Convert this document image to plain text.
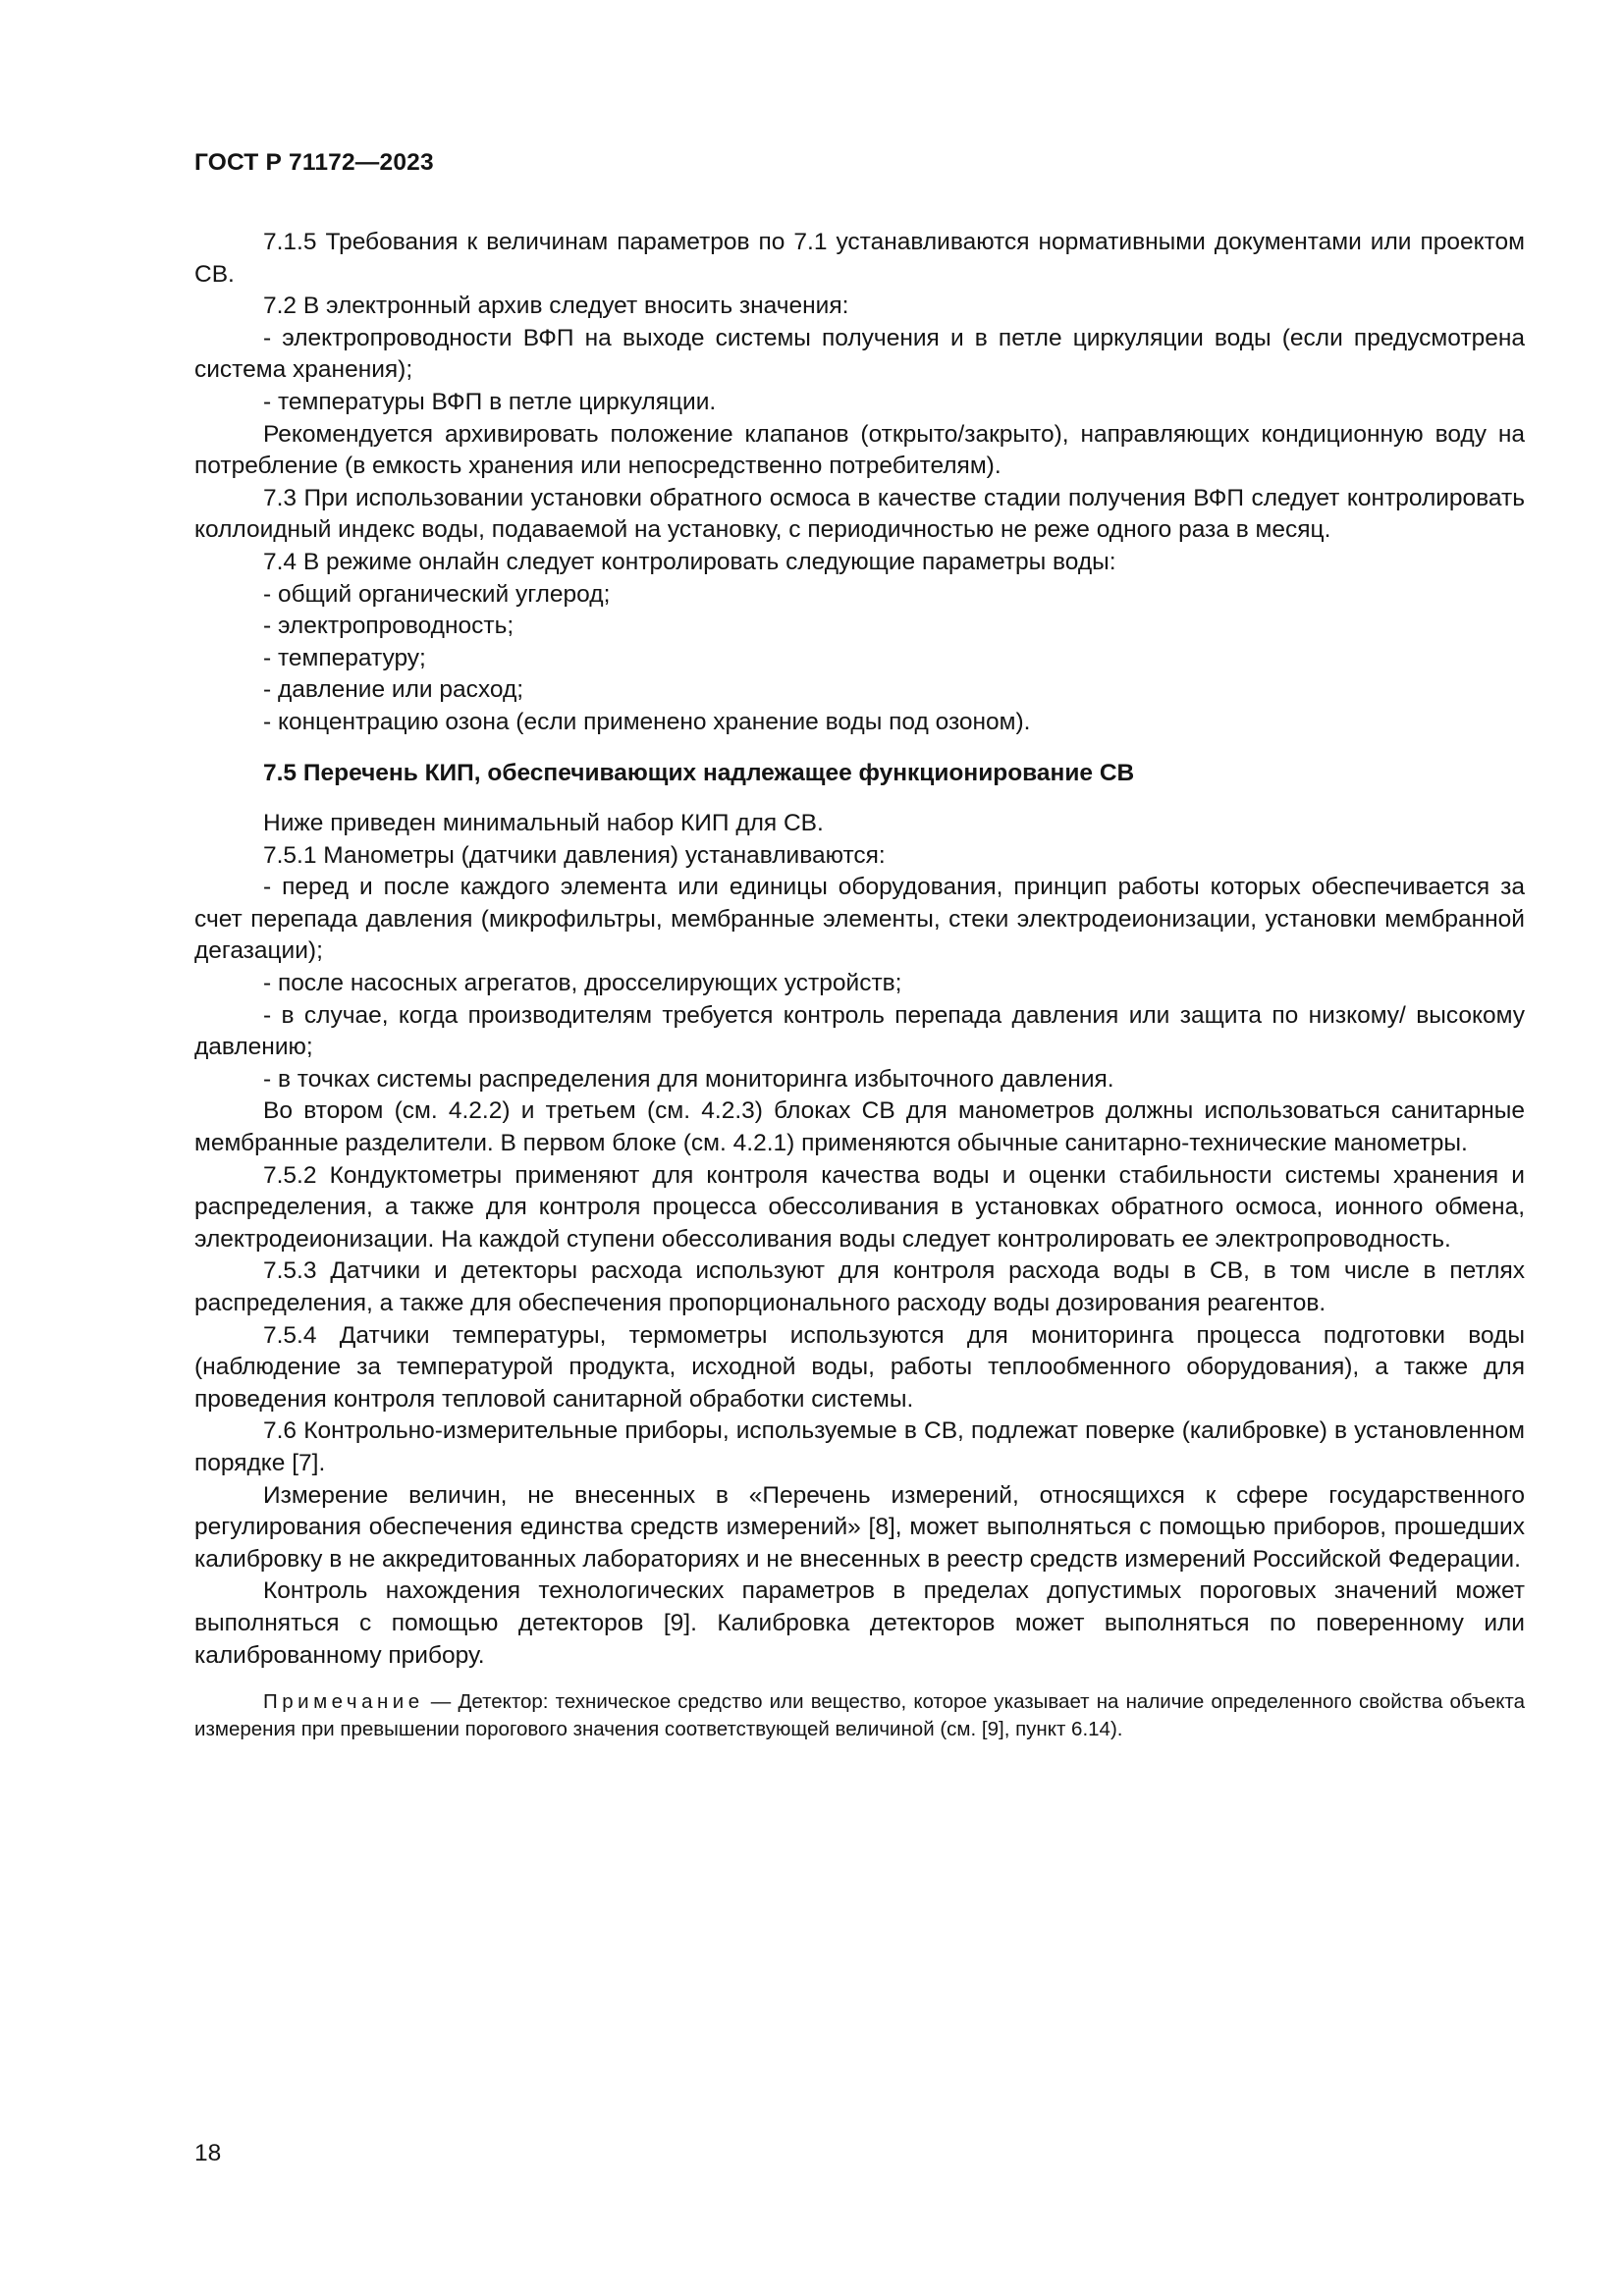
ГОСТ Р 71172—2023

7.1.5 Требования к величинам параметров по 7.1 устанавливаются нормативными документами или проектом СВ.

7.2 В электронный архив следует вносить значения:

- электропроводности ВФП на выходе системы получения и в петле циркуляции воды (если предусмотрена система хранения);

- температуры ВФП в петле циркуляции.

Рекомендуется архивировать положение клапанов (открыто/закрыто), направляющих кондиционную воду на потребление (в емкость хранения или непосредственно потребителям).

7.3 При использовании установки обратного осмоса в качестве стадии получения ВФП следует контролировать коллоидный индекс воды, подаваемой на установку, с периодичностью не реже одного раза в месяц.

7.4 В режиме онлайн следует контролировать следующие параметры воды:

- общий органический углерод;

- электропроводность;

- температуру;

- давление или расход;

- концентрацию озона (если применено хранение воды под озоном).

7.5 Перечень КИП, обеспечивающих надлежащее функционирование СВ

Ниже приведен минимальный набор КИП для СВ.

7.5.1 Манометры (датчики давления) устанавливаются:

- перед и после каждого элемента или единицы оборудования, принцип работы которых обеспечивается за счет перепада давления (микрофильтры, мембранные элементы, стеки электродеионизации, установки мембранной дегазации);

- после насосных агрегатов, дросселирующих устройств;

- в случае, когда производителям требуется контроль перепада давления или защита по низкому/ высокому давлению;

- в точках системы распределения для мониторинга избыточного давления.

Во втором (см. 4.2.2) и третьем (см. 4.2.3) блоках СВ для манометров должны использоваться санитарные мембранные разделители. В первом блоке (см. 4.2.1) применяются обычные санитарно-технические манометры.

7.5.2 Кондуктометры применяют для контроля качества воды и оценки стабильности системы хранения и распределения, а также для контроля процесса обессоливания в установках обратного осмоса, ионного обмена, электродеионизации. На каждой ступени обессоливания воды следует контролировать ее электропроводность.

7.5.3 Датчики и детекторы расхода используют для контроля расхода воды в СВ, в том числе в петлях распределения, а также для обеспечения пропорционального расходу воды дозирования реагентов.

7.5.4 Датчики температуры, термометры используются для мониторинга процесса подготовки воды (наблюдение за температурой продукта, исходной воды, работы теплообменного оборудования), а также для проведения контроля тепловой санитарной обработки системы.

7.6 Контрольно-измерительные приборы, используемые в СВ, подлежат поверке (калибровке) в установленном порядке [7].

Измерение величин, не внесенных в «Перечень измерений, относящихся к сфере государственного регулирования обеспечения единства средств измерений» [8], может выполняться с помощью приборов, прошедших калибровку в не аккредитованных лабораториях и не внесенных в реестр средств измерений Российской Федерации.

Контроль нахождения технологических параметров в пределах допустимых пороговых значений может выполняться с помощью детекторов [9]. Калибровка детекторов может выполняться по поверенному или калиброванному прибору.

Примечание — Детектор: техническое средство или вещество, которое указывает на наличие определенного свойства объекта измерения при превышении порогового значения соответствующей величиной (см. [9], пункт 6.14).

18
